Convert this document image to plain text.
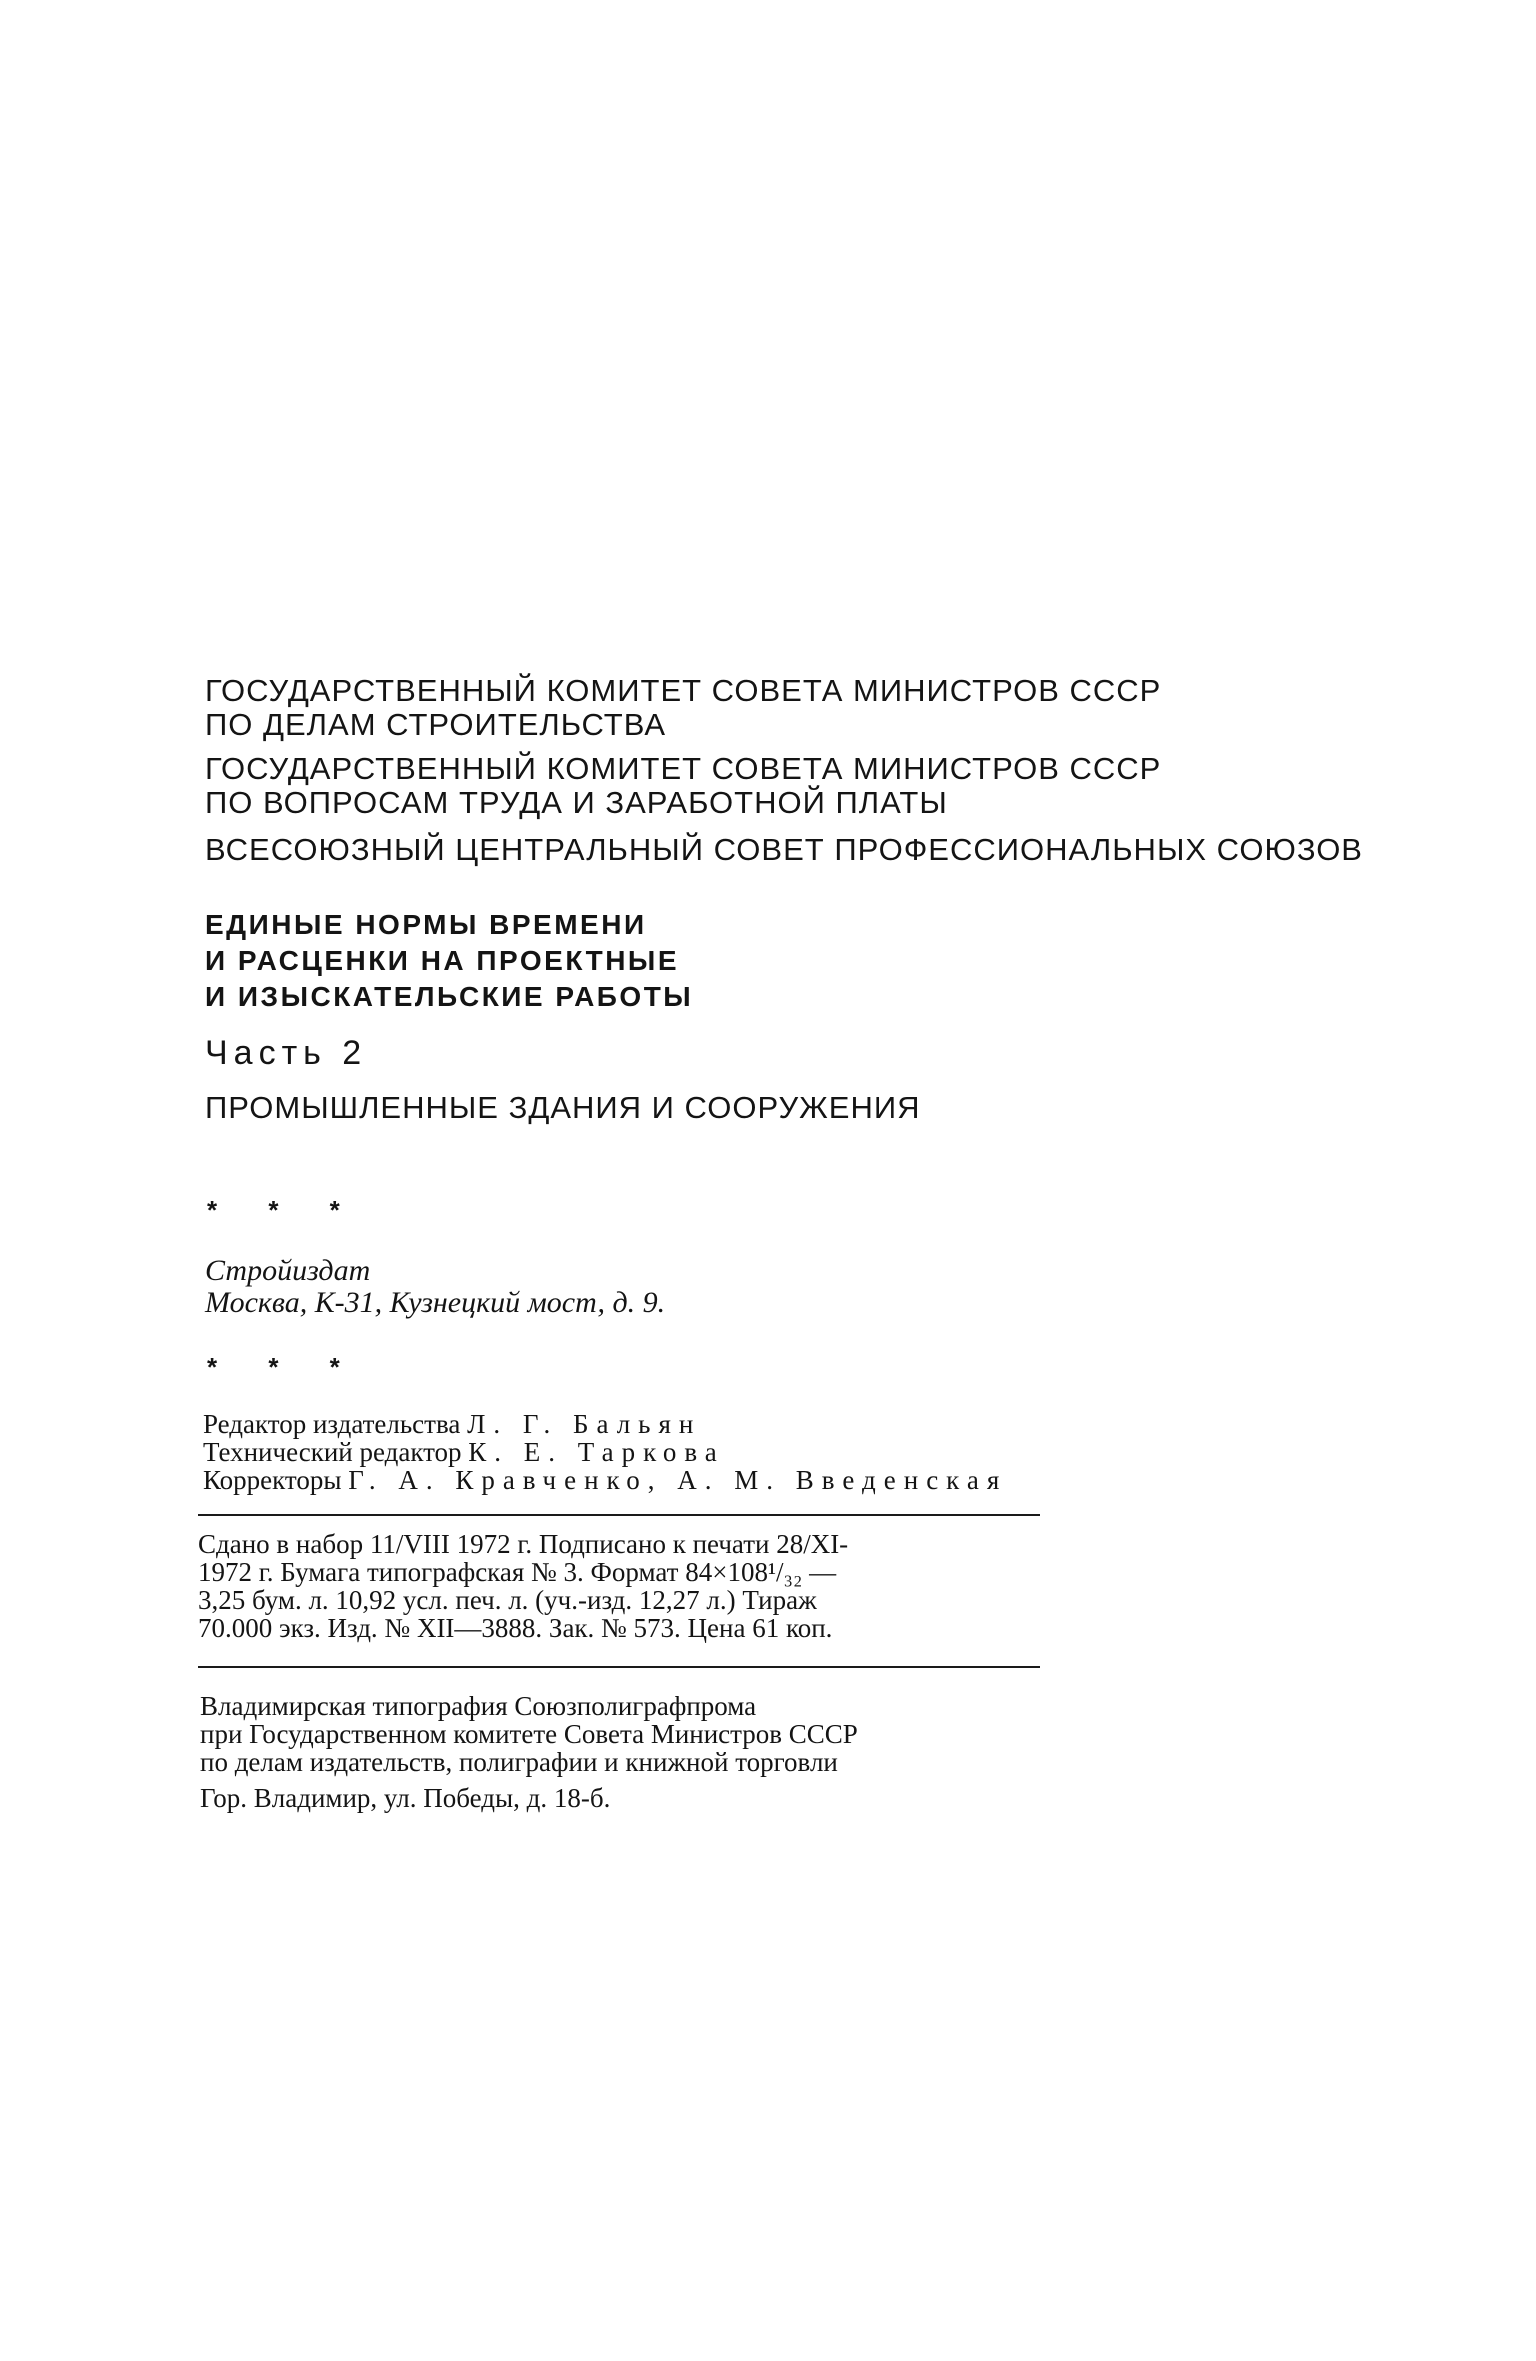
ГОСУДАРСТВЕННЫЙ КОМИТЕТ СОВЕТА МИНИСТРОВ СССР
ПО ДЕЛАМ СТРОИТЕЛЬСТВА
ГОСУДАРСТВЕННЫЙ КОМИТЕТ СОВЕТА МИНИСТРОВ СССР
ПО ВОПРОСАМ ТРУДА И ЗАРАБОТНОЙ ПЛАТЫ
ВСЕСОЮЗНЫЙ ЦЕНТРАЛЬНЫЙ СОВЕТ ПРОФЕССИОНАЛЬНЫХ СОЮЗОВ
ЕДИНЫЕ НОРМЫ ВРЕМЕНИ
И РАСЦЕНКИ НА ПРОЕКТНЫЕ
И ИЗЫСКАТЕЛЬСКИЕ РАБОТЫ
Часть 2
ПРОМЫШЛЕННЫЕ ЗДАНИЯ И СООРУЖЕНИЯ
* * *
Стройиздат
Москва, К-31, Кузнецкий мост, д. 9.
* * *
Редактор издательства Л. Г. Бальян
Технический редактор К. Е. Таркова
Корректоры Г. А. Кравченко, А. М. Введенская
Сдано в набор 11/VIII 1972 г. Подписано к печати 28/XI-
1972 г. Бумага типографская № 3. Формат 84×108¹/₃₂ —
3,25 бум. л. 10,92 усл. печ. л. (уч.-изд. 12,27 л.) Тираж
70.000 экз. Изд. № XII—3888. Зак. № 573. Цена 61 коп.
Владимирская типография Союзполиграфпрома
при Государственном комитете Совета Министров СССР
по делам издательств, полиграфии и книжной торговли
Гор. Владимир, ул. Победы, д. 18-б.
